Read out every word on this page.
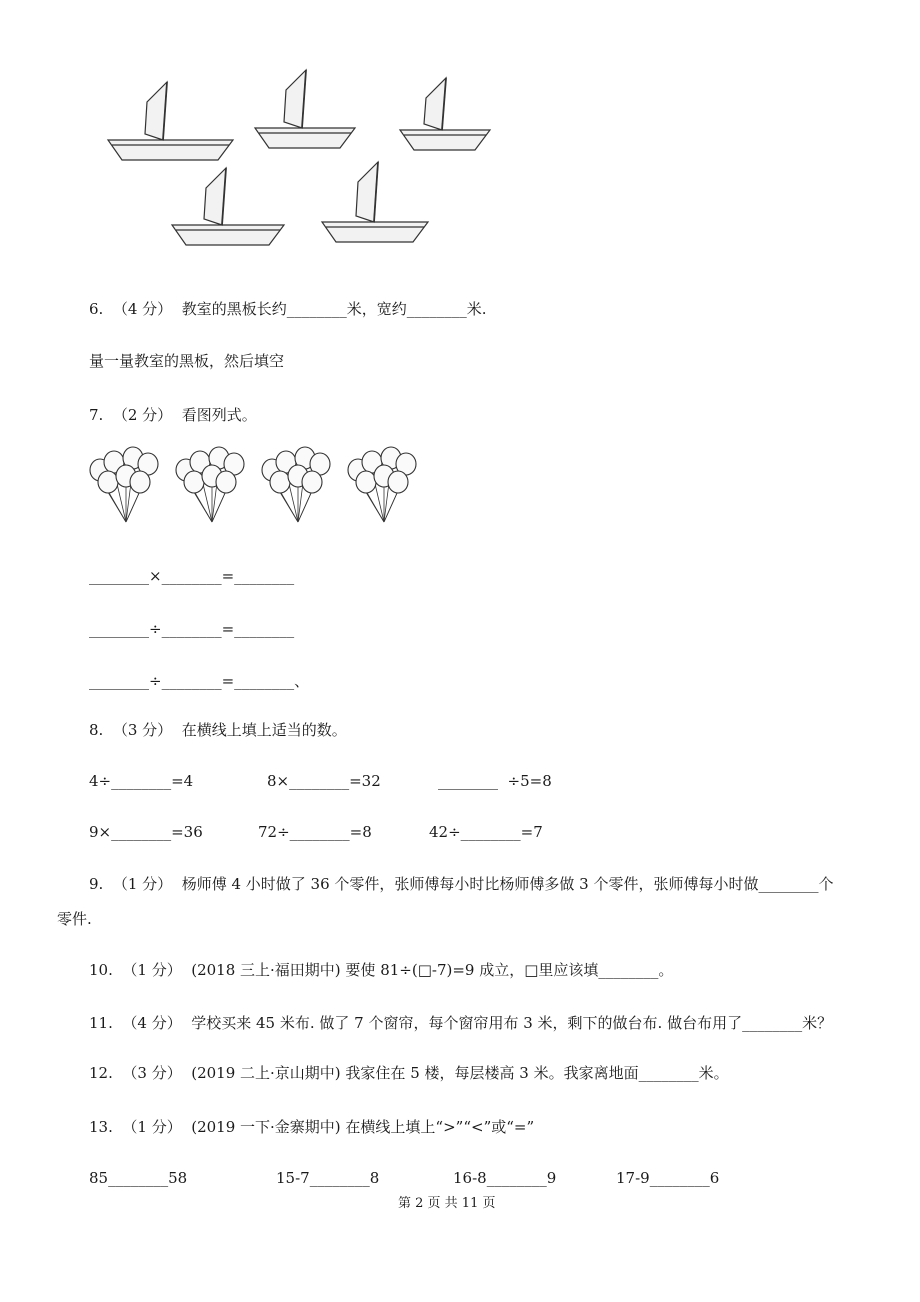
6.  （4 分）  教室的黑板长约________米，宽约________米.
量一量教室的黑板，然后填空
7.  （2 分）  看图列式。
________×________=________
________÷________=________
________÷________=________、
8.  （3 分）  在横线上填上适当的数。
4÷________=4	8×________=32	________  ÷5=8
9×________=36	72÷________=8	42÷________=7
9.  （1 分）  杨师傅 4 小时做了 36 个零件，张师傅每小时比杨师傅多做 3 个零件，张师傅每小时做________个
零件.
10.  （1 分）  (2018 三上·福田期中) 要使 81÷(□-7)=9 成立，□里应该填________。
11.  （4 分）  学校买来 45 米布. 做了 7 个窗帘，每个窗帘用布 3 米，剩下的做台布. 做台布用了________米？
12.  （3 分）  (2019 二上·京山期中) 我家住在 5 楼，每层楼高 3 米。我家离地面________米。
13.  （1 分）  (2019 一下·金寨期中) 在横线上填上“>”“<”或“=”
85________58	15-7________8	16-8________9	17-9________6
第 2 页 共 11 页
